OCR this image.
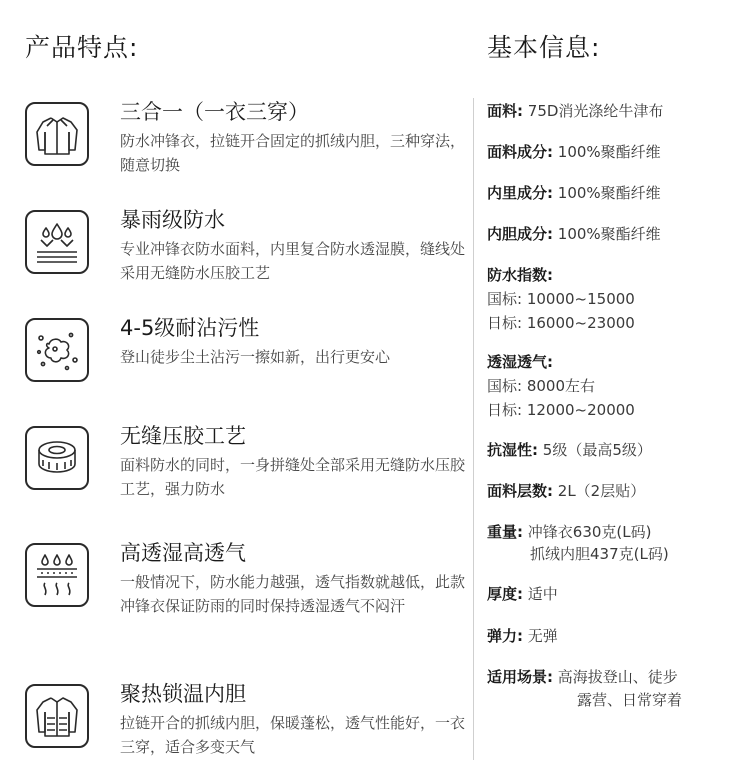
产品特点:	基本信息:
三合一（一衣三穿）
防水冲锋衣，拉链开合固定的抓绒内胆，三种穿法，随意切换
暴雨级防水
专业冲锋衣防水面料，内里复合防水透湿膜，缝线处采用无缝防水压胶工艺
4-5级耐沾污性
登山徒步尘土沾污一擦如新，出行更安心
无缝压胶工艺
面料防水的同时，一身拼缝处全部采用无缝防水压胶工艺，强力防水
高透湿高透气
一般情况下，防水能力越强，透气指数就越低，此款冲锋衣保证防雨的同时保持透湿透气不闷汗
聚热锁温内胆
拉链开合的抓绒内胆，保暖蓬松，透气性能好，一衣三穿，适合多变天气
面料: 75D消光涤纶牛津布
面料成分: 100%聚酯纤维
内里成分: 100%聚酯纤维
内胆成分: 100%聚酯纤维
防水指数:
国标: 10000~15000
日标: 16000~23000
透湿透气:
国标: 8000左右
日标: 12000~20000
抗湿性: 5级（最高5级）
面料层数: 2L（2层贴）
重量: 冲锋衣630克(L码)
抓绒内胆437克(L码)
厚度: 适中
弹力: 无弹
适用场景: 高海拔登山、徒步
露营、日常穿着
